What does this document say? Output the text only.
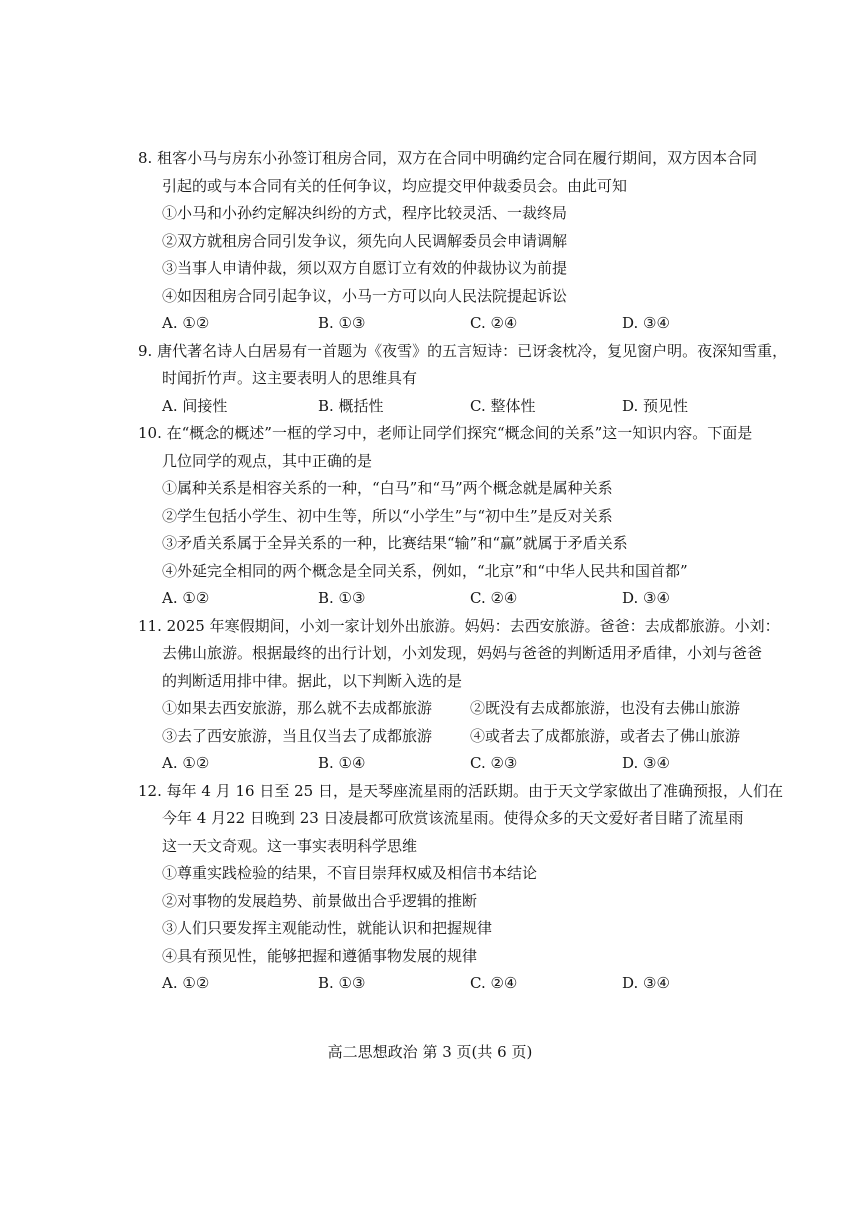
8. 租客小马与房东小孙签订租房合同，双方在合同中明确约定合同在履行期间，双方因本合同
引起的或与本合同有关的任何争议，均应提交甲仲裁委员会。由此可知
①小马和小孙约定解决纠纷的方式，程序比较灵活、一裁终局
②双方就租房合同引发争议，须先向人民调解委员会申请调解
③当事人申请仲裁，须以双方自愿订立有效的仲裁协议为前提
④如因租房合同引起争议，小马一方可以向人民法院提起诉讼
A. ①②	B. ①③	C. ②④	D. ③④
9. 唐代著名诗人白居易有一首题为《夜雪》的五言短诗：已讶衾枕冷，复见窗户明。夜深知雪重，
时闻折竹声。这主要表明人的思维具有
A. 间接性	B. 概括性	C. 整体性	D. 预见性
10. 在“概念的概述”一框的学习中，老师让同学们探究“概念间的关系”这一知识内容。下面是
几位同学的观点，其中正确的是
①属种关系是相容关系的一种，“白马”和“马”两个概念就是属种关系
②学生包括小学生、初中生等，所以“小学生”与“初中生”是反对关系
③矛盾关系属于全异关系的一种，比赛结果“输”和“赢”就属于矛盾关系
④外延完全相同的两个概念是全同关系，例如，“北京”和“中华人民共和国首都”
A. ①②	B. ①③	C. ②④	D. ③④
11. 2025 年寒假期间，小刘一家计划外出旅游。妈妈：去西安旅游。爸爸：去成都旅游。小刘：
去佛山旅游。根据最终的出行计划，小刘发现，妈妈与爸爸的判断适用矛盾律，小刘与爸爸
的判断适用排中律。据此，以下判断入选的是
①如果去西安旅游，那么就不去成都旅游	②既没有去成都旅游，也没有去佛山旅游
③去了西安旅游，当且仅当去了成都旅游	④或者去了成都旅游，或者去了佛山旅游
A. ①②	B. ①④	C. ②③	D. ③④
12. 每年 4 月 16 日至 25 日，是天琴座流星雨的活跃期。由于天文学家做出了准确预报，人们在
今年 4 月22 日晚到 23 日凌晨都可欣赏该流星雨。使得众多的天文爱好者目睹了流星雨
这一天文奇观。这一事实表明科学思维
①尊重实践检验的结果，不盲目崇拜权威及相信书本结论
②对事物的发展趋势、前景做出合乎逻辑的推断
③人们只要发挥主观能动性，就能认识和把握规律
④具有预见性，能够把握和遵循事物发展的规律
A. ①②	B. ①③	C. ②④	D. ③④
高二思想政治 第 3 页(共 6 页)
